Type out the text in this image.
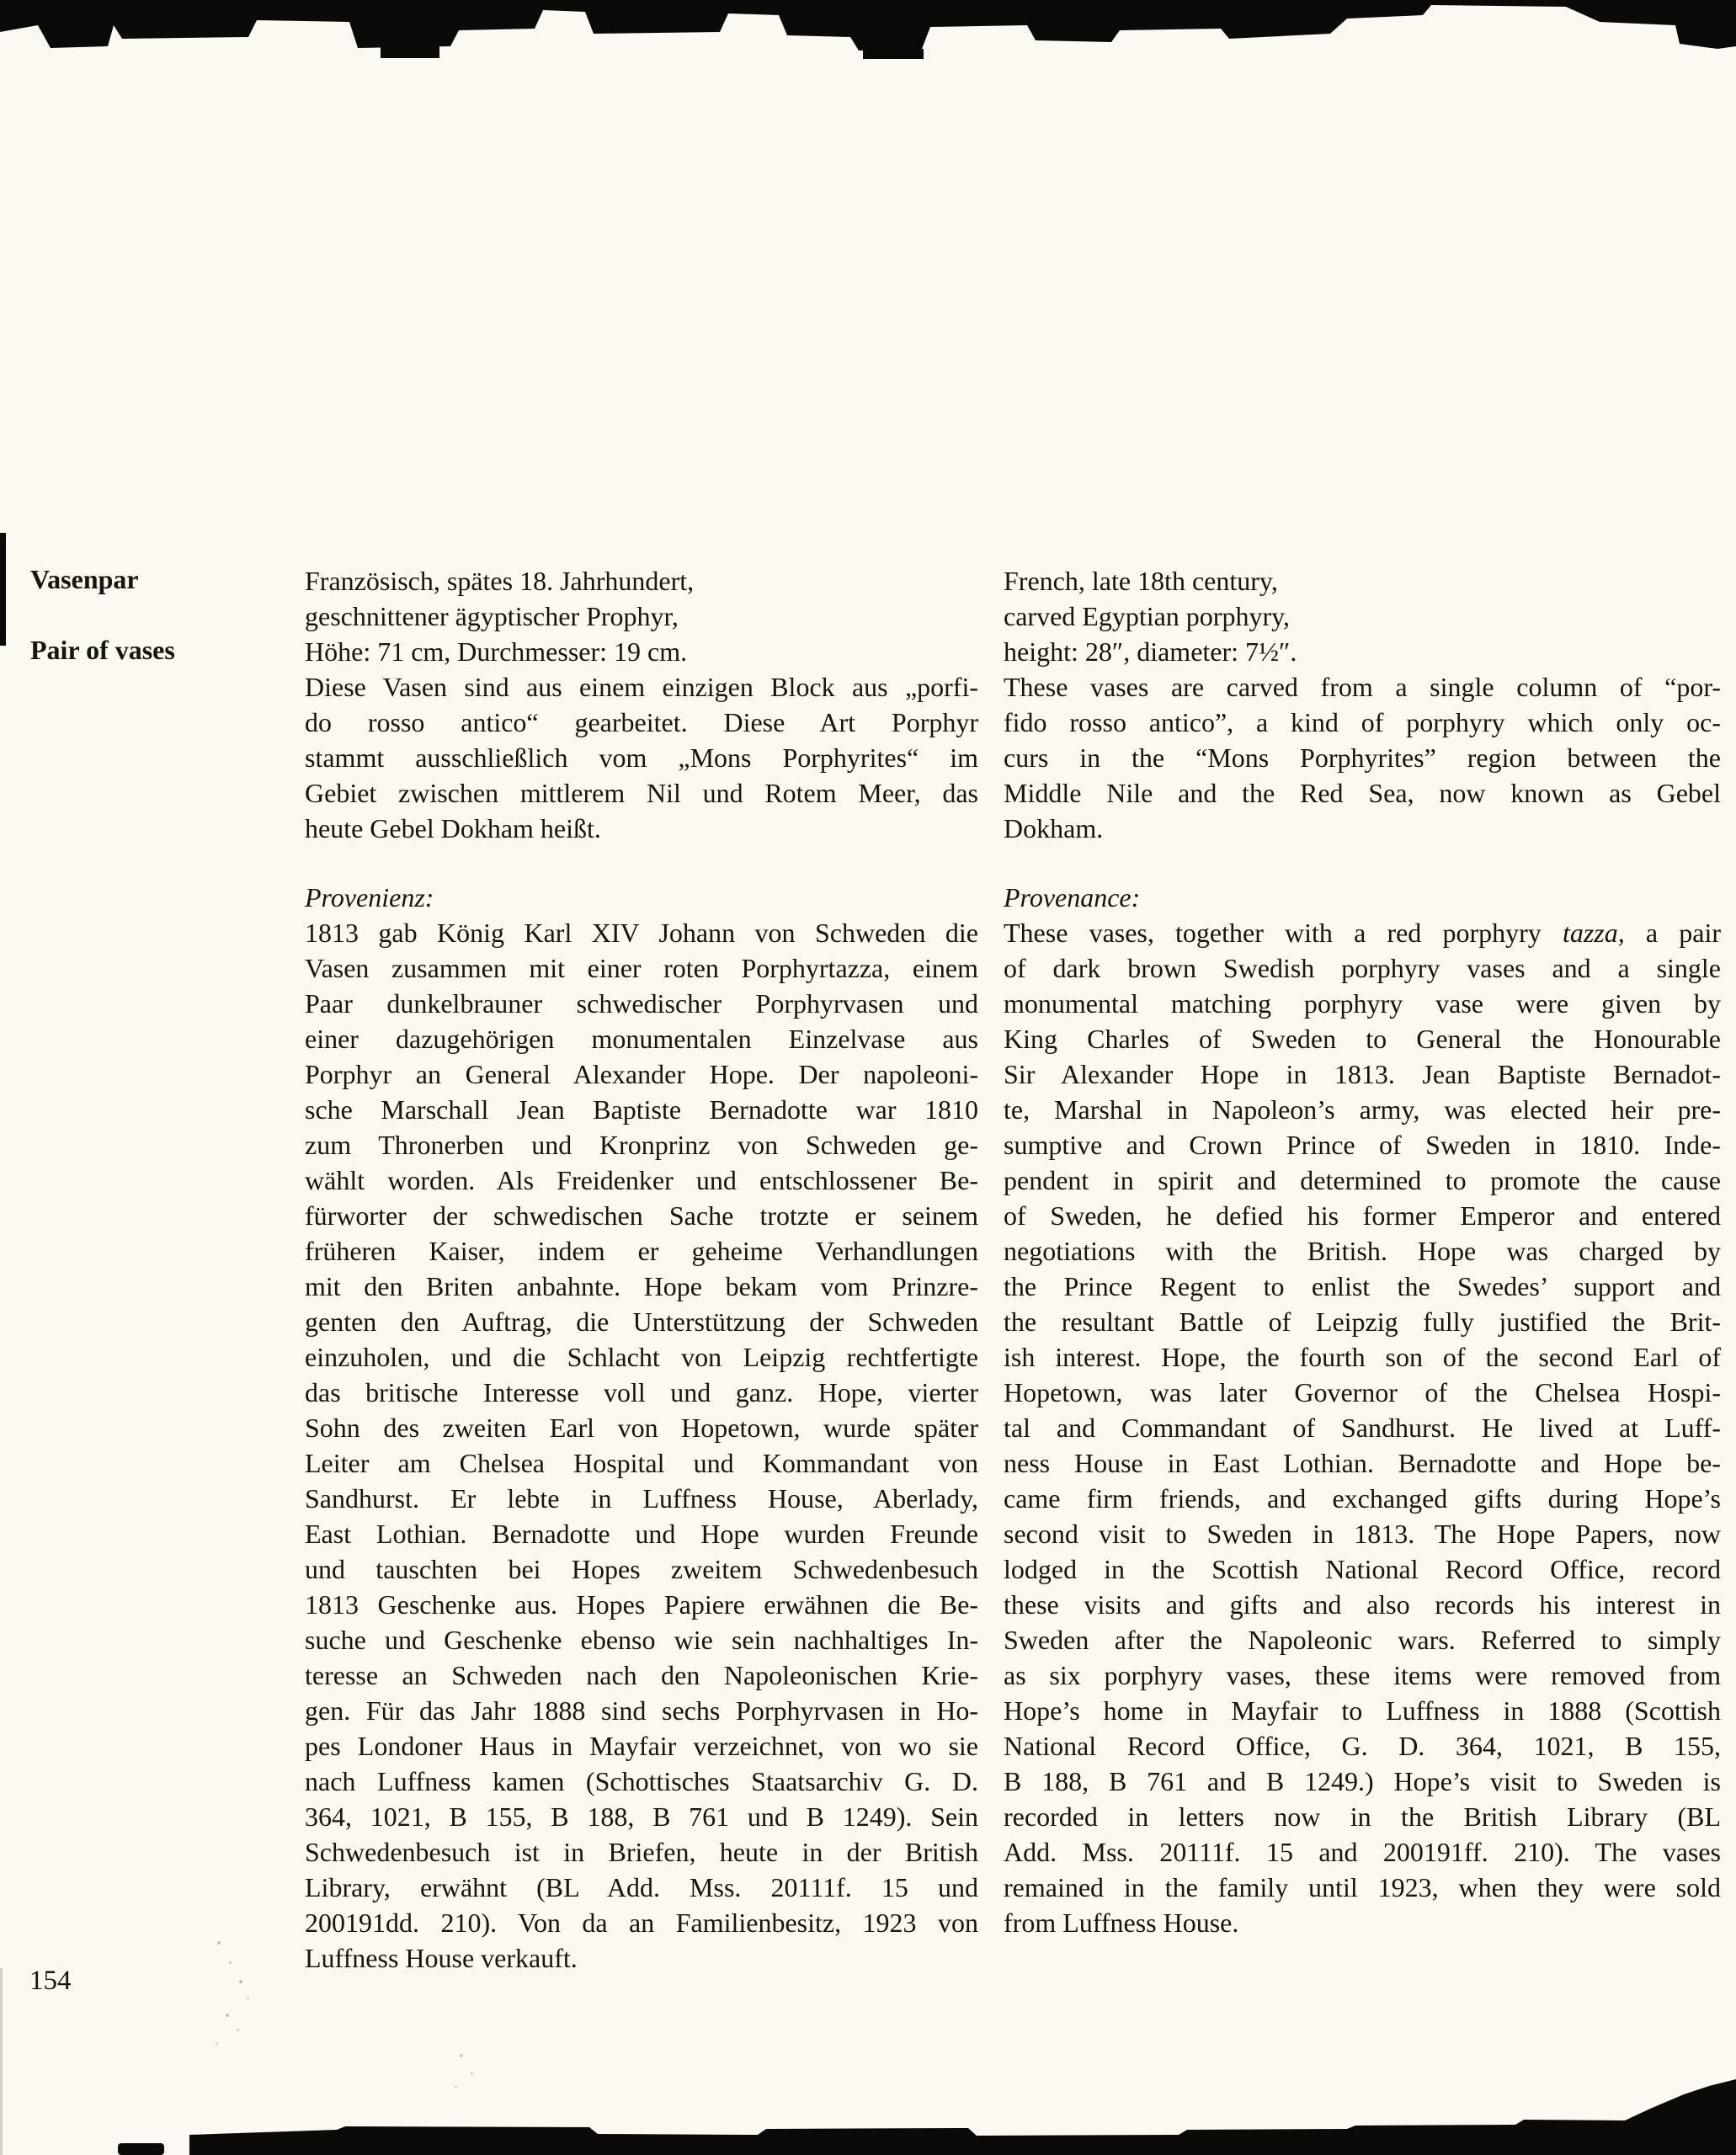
Vasenpar
Pair of vases
Französisch, spätes 18. Jahrhundert,
geschnittener ägyptischer Prophyr,
Höhe: 71 cm, Durchmesser: 19 cm.
Diese Vasen sind aus einem einzigen Block aus „porfi-
do rosso antico“ gearbeitet. Diese Art Porphyr
stammt ausschließlich vom „Mons Porphyrites“ im
Gebiet zwischen mittlerem Nil und Rotem Meer, das
heute Gebel Dokham heißt.
Provenienz:
1813 gab König Karl XIV Johann von Schweden die
Vasen zusammen mit einer roten Porphyrtazza, einem
Paar dunkelbrauner schwedischer Porphyrvasen und
einer dazugehörigen monumentalen Einzelvase aus
Porphyr an General Alexander Hope. Der napoleoni-
sche Marschall Jean Baptiste Bernadotte war 1810
zum Thronerben und Kronprinz von Schweden ge-
wählt worden. Als Freidenker und entschlossener Be-
fürworter der schwedischen Sache trotzte er seinem
früheren Kaiser, indem er geheime Verhandlungen
mit den Briten anbahnte. Hope bekam vom Prinzre-
genten den Auftrag, die Unterstützung der Schweden
einzuholen, und die Schlacht von Leipzig rechtfertigte
das britische Interesse voll und ganz. Hope, vierter
Sohn des zweiten Earl von Hopetown, wurde später
Leiter am Chelsea Hospital und Kommandant von
Sandhurst. Er lebte in Luffness House, Aberlady,
East Lothian. Bernadotte und Hope wurden Freunde
und tauschten bei Hopes zweitem Schwedenbesuch
1813 Geschenke aus. Hopes Papiere erwähnen die Be-
suche und Geschenke ebenso wie sein nachhaltiges In-
teresse an Schweden nach den Napoleonischen Krie-
gen. Für das Jahr 1888 sind sechs Porphyrvasen in Ho-
pes Londoner Haus in Mayfair verzeichnet, von wo sie
nach Luffness kamen (Schottisches Staatsarchiv G. D.
364, 1021, B 155, B 188, B 761 und B 1249). Sein
Schwedenbesuch ist in Briefen, heute in der British
Library, erwähnt (BL Add. Mss. 20111f. 15 und
200191dd. 210). Von da an Familienbesitz, 1923 von
Luffness House verkauft.
French, late 18th century,
carved Egyptian porphyry,
height: 28″, diameter: 7½″.
These vases are carved from a single column of “por-
fido rosso antico”, a kind of porphyry which only oc-
curs in the “Mons Porphyrites” region between the
Middle Nile and the Red Sea, now known as Gebel
Dokham.
Provenance:
These vases, together with a red porphyry tazza, a pair
of dark brown Swedish porphyry vases and a single
monumental matching porphyry vase were given by
King Charles of Sweden to General the Honourable
Sir Alexander Hope in 1813. Jean Baptiste Bernadot-
te, Marshal in Napoleon’s army, was elected heir pre-
sumptive and Crown Prince of Sweden in 1810. Inde-
pendent in spirit and determined to promote the cause
of Sweden, he defied his former Emperor and entered
negotiations with the British. Hope was charged by
the Prince Regent to enlist the Swedes’ support and
the resultant Battle of Leipzig fully justified the Brit-
ish interest. Hope, the fourth son of the second Earl of
Hopetown, was later Governor of the Chelsea Hospi-
tal and Commandant of Sandhurst. He lived at Luff-
ness House in East Lothian. Bernadotte and Hope be-
came firm friends, and exchanged gifts during Hope’s
second visit to Sweden in 1813. The Hope Papers, now
lodged in the Scottish National Record Office, record
these visits and gifts and also records his interest in
Sweden after the Napoleonic wars. Referred to simply
as six porphyry vases, these items were removed from
Hope’s home in Mayfair to Luffness in 1888 (Scottish
National Record Office, G. D. 364, 1021, B 155,
B 188, B 761 and B 1249.) Hope’s visit to Sweden is
recorded in letters now in the British Library (BL
Add. Mss. 20111f. 15 and 200191ff. 210). The vases
remained in the family until 1923, when they were sold
from Luffness House.
154
